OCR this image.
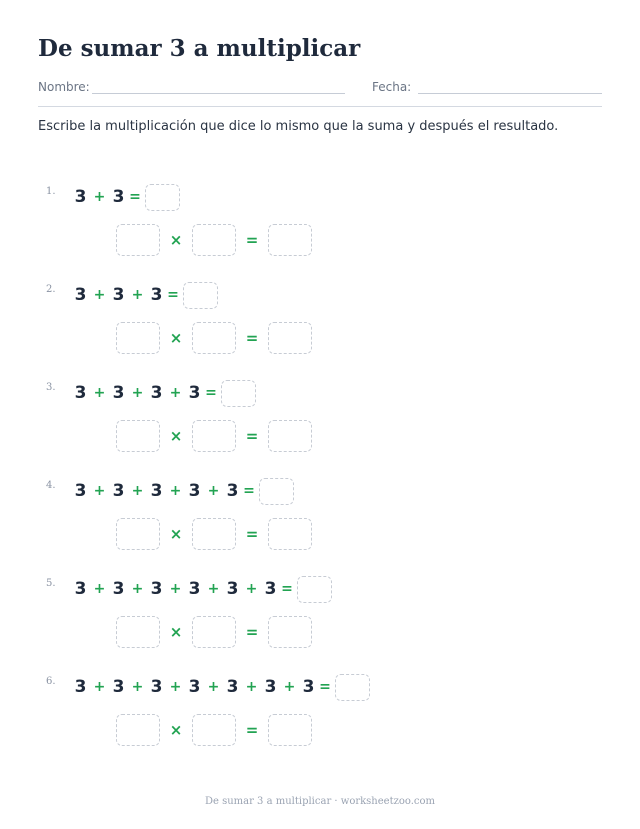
De sumar 3 a multiplicar
Nombre:	Fecha:
Escribe la multiplicación que dice lo mismo que la suma y después el resultado.
1. 3 + 3 =
×	=
2. 3 + 3 + 3 =
×	=
3. 3 + 3 + 3 + 3 =
×	=
4. 3 + 3 + 3 + 3 + 3 =
×	=
5. 3 + 3 + 3 + 3 + 3 + 3 =
×	=
6. 3 + 3 + 3 + 3 + 3 + 3 + 3 =
×	=
De sumar 3 a multiplicar · worksheetzoo.com
